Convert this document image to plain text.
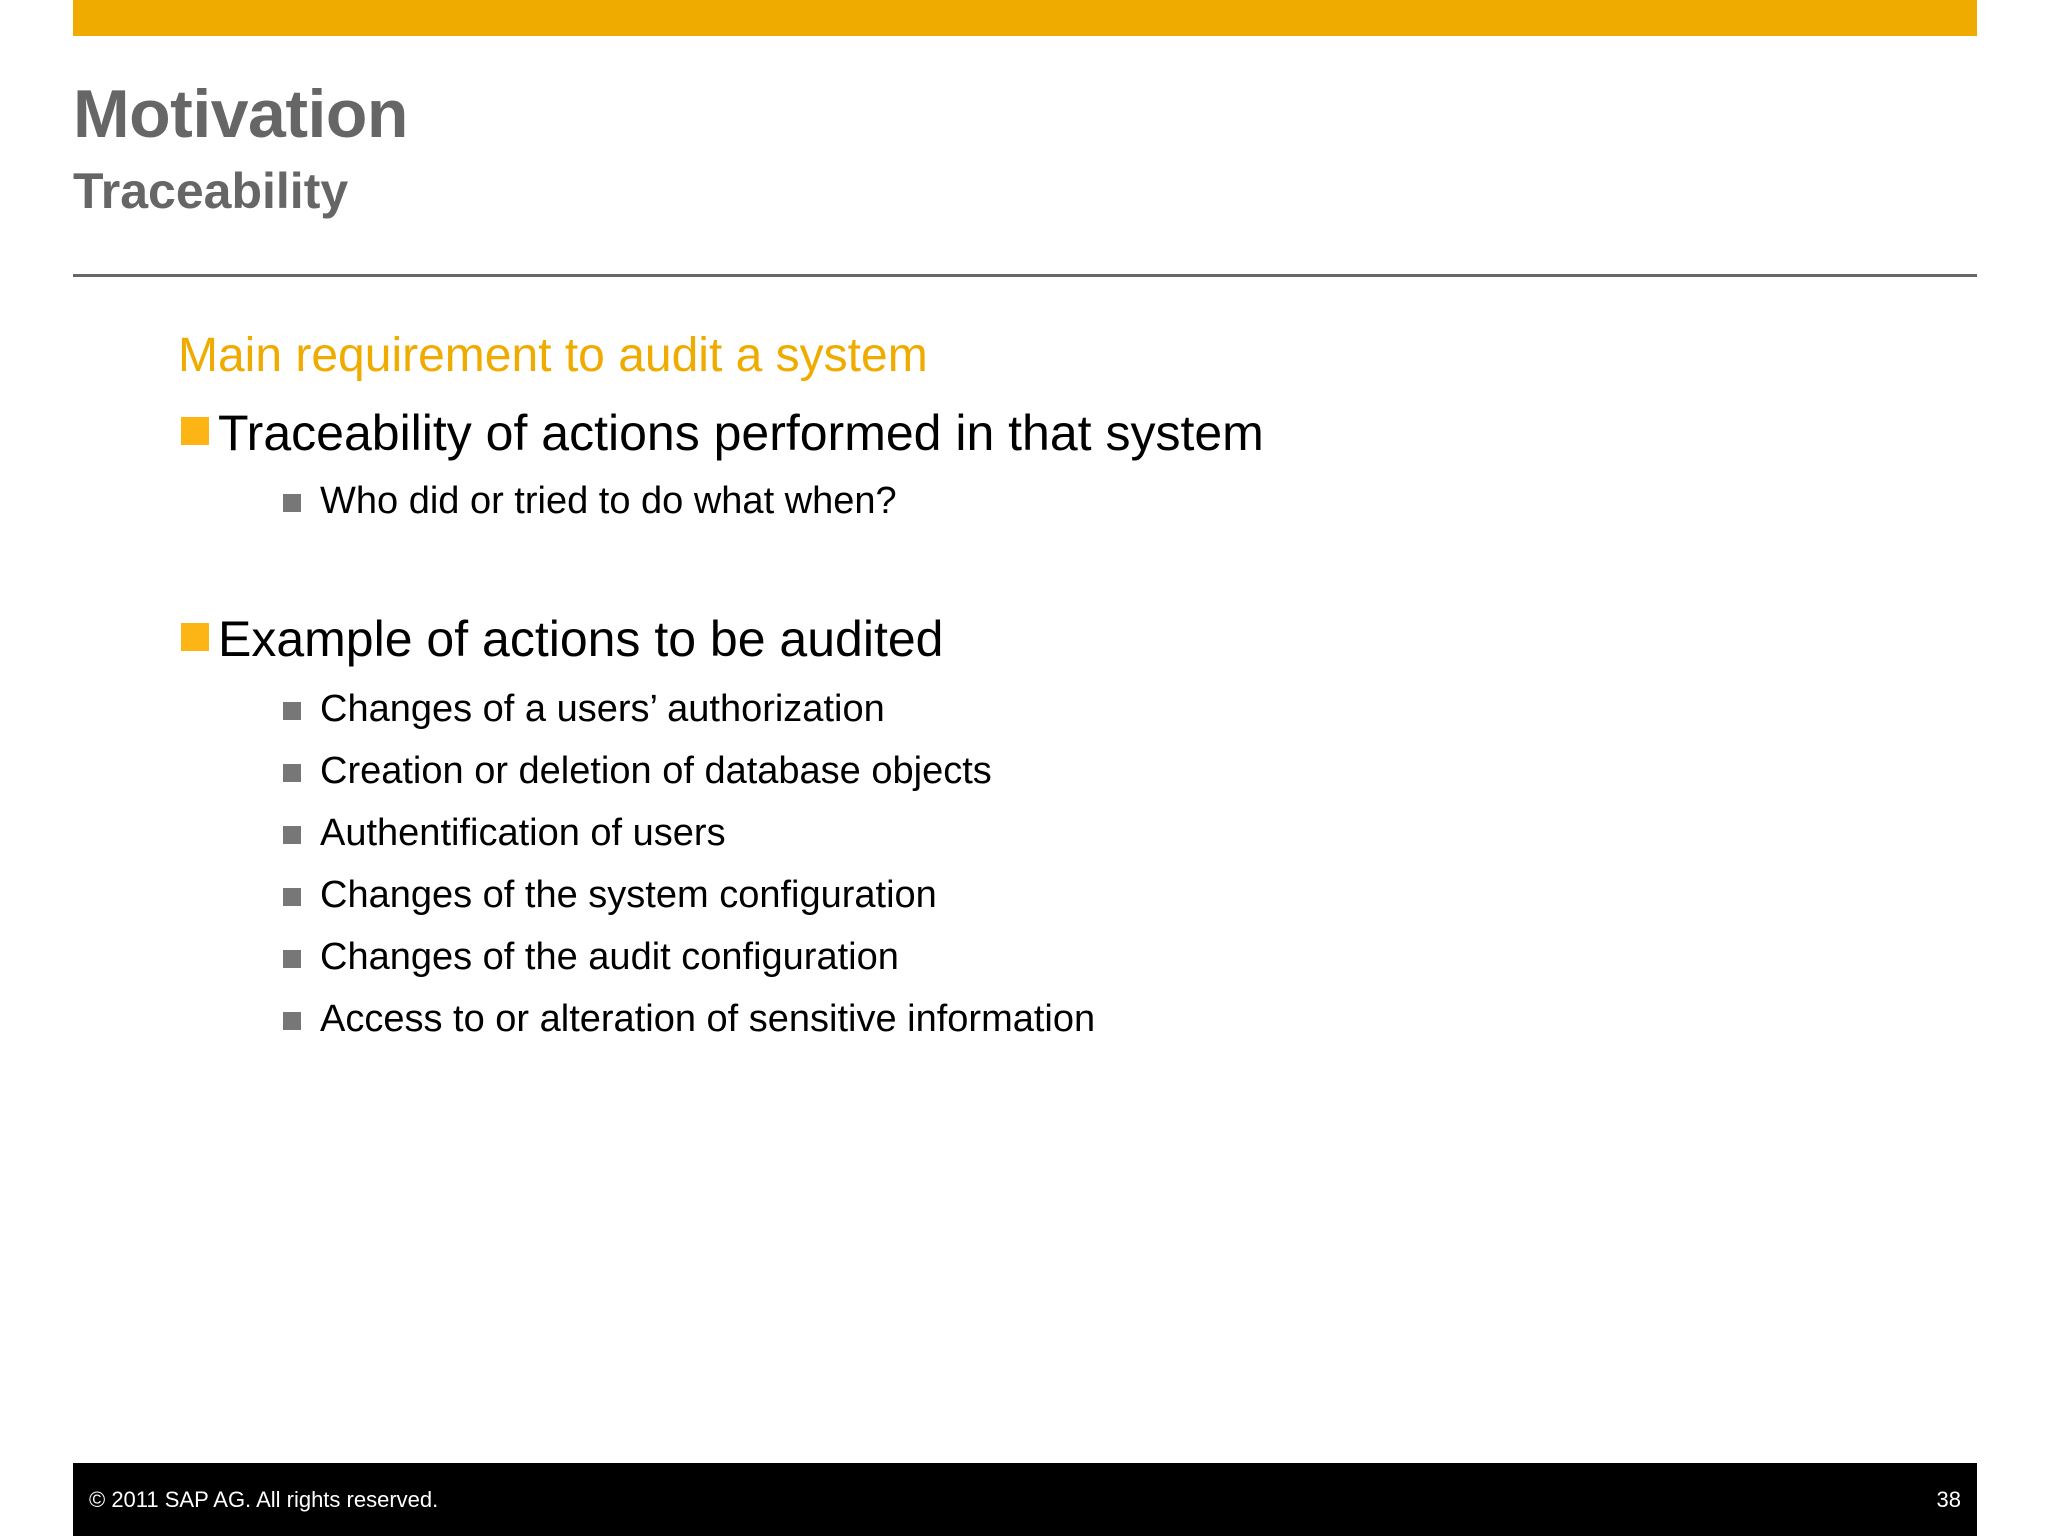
Motivation
Traceability
Main requirement to audit a system
Traceability of actions performed in that system
Who did or tried to do what when?
Example of actions to be audited
Changes of a users’ authorization
Creation or deletion of database objects
Authentification of users
Changes of the system configuration
Changes of the audit configuration
Access to or alteration of sensitive information
© 2011 SAP AG. All rights reserved.	38
